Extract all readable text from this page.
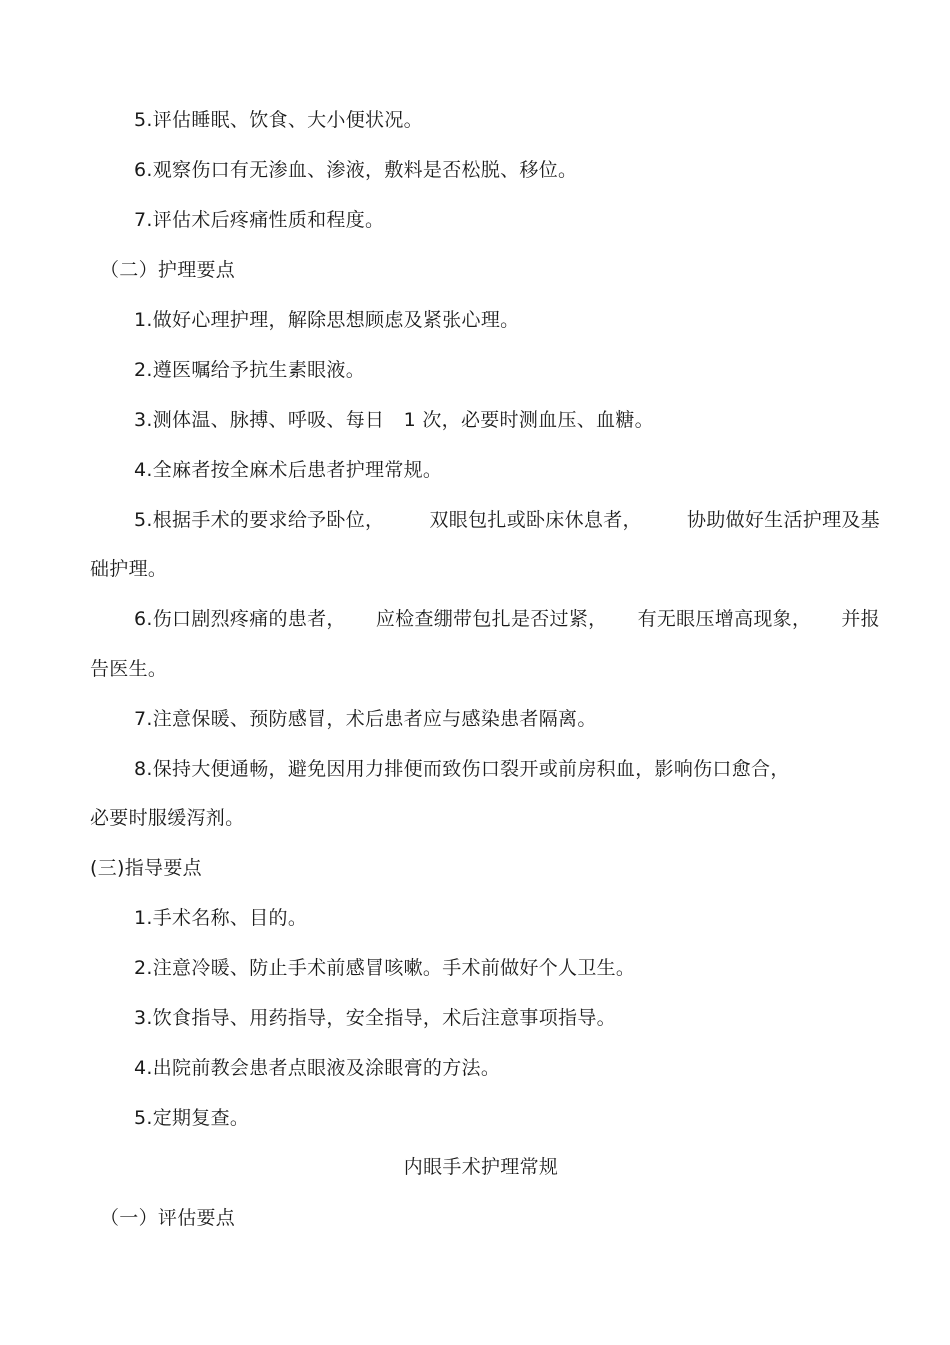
5.评估睡眠、饮食、大小便状况。
6.观察伤口有无渗血、渗液，敷料是否松脱、移位。
7.评估术后疼痛性质和程度。
（二）护理要点
1.做好心理护理，解除思想顾虑及紧张心理。
2.遵医嘱给予抗生素眼液。
3.测体温、脉搏、呼吸、每日　1 次，必要时测血压、血糖。
4.全麻者按全麻术后患者护理常规。
5.根据手术的要求给予卧位， 双眼包扎或卧床休息者， 协助做好生活护理及基
础护理。
6.伤口剧烈疼痛的患者， 应检查绷带包扎是否过紧， 有无眼压增高现象， 并报
告医生。
7.注意保暖、预防感冒，术后患者应与感染患者隔离。
8.保持大便通畅，避免因用力排便而致伤口裂开或前房积血，影响伤口愈合，
必要时服缓泻剂。
(三)指导要点
1.手术名称、目的。
2.注意冷暖、防止手术前感冒咳嗽。手术前做好个人卫生。
3.饮食指导、用药指导，安全指导，术后注意事项指导。
4.出院前教会患者点眼液及涂眼膏的方法。
5.定期复查。
内眼手术护理常规
（一）评估要点
